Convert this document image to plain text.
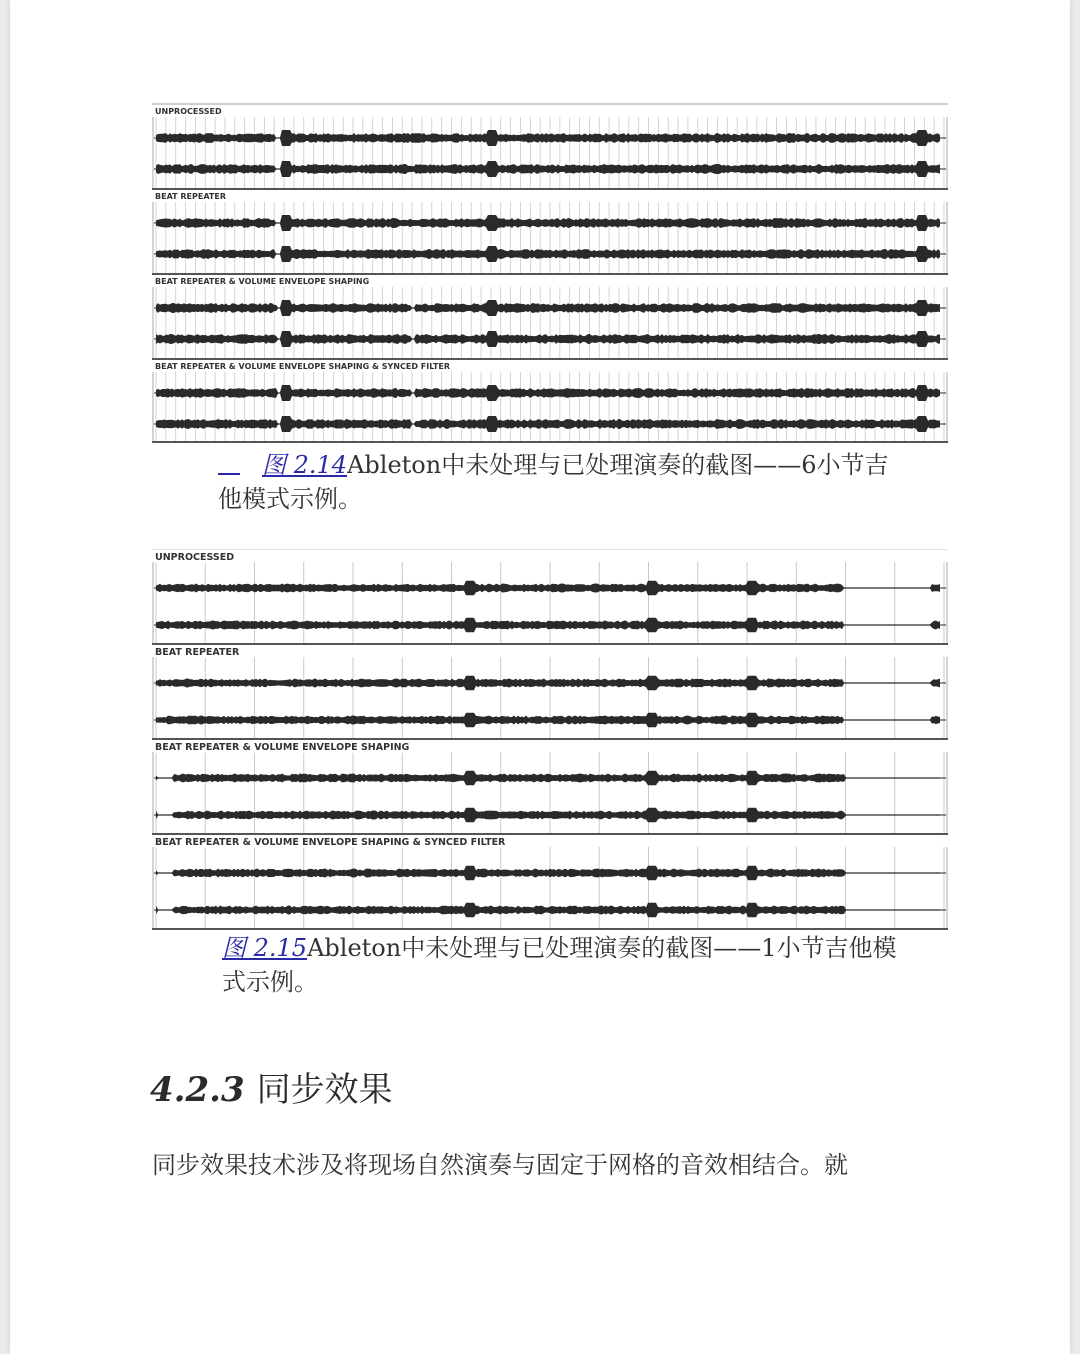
UNPROCESSED
BEAT REPEATER
BEAT REPEATER & VOLUME ENVELOPE SHAPING
BEAT REPEATER & VOLUME ENVELOPE SHAPING & SYNCED FILTER
图 2.14Ableton中未处理与已处理演奏的截图——6小节吉他模式示例。
UNPROCESSED
BEAT REPEATER
BEAT REPEATER & VOLUME ENVELOPE SHAPING
BEAT REPEATER & VOLUME ENVELOPE SHAPING & SYNCED FILTER
图 2.15Ableton中未处理与已处理演奏的截图——1小节吉他模式示例。
4.2.3 同步效果
同步效果技术涉及将现场自然演奏与固定于网格的音效相结合。就
